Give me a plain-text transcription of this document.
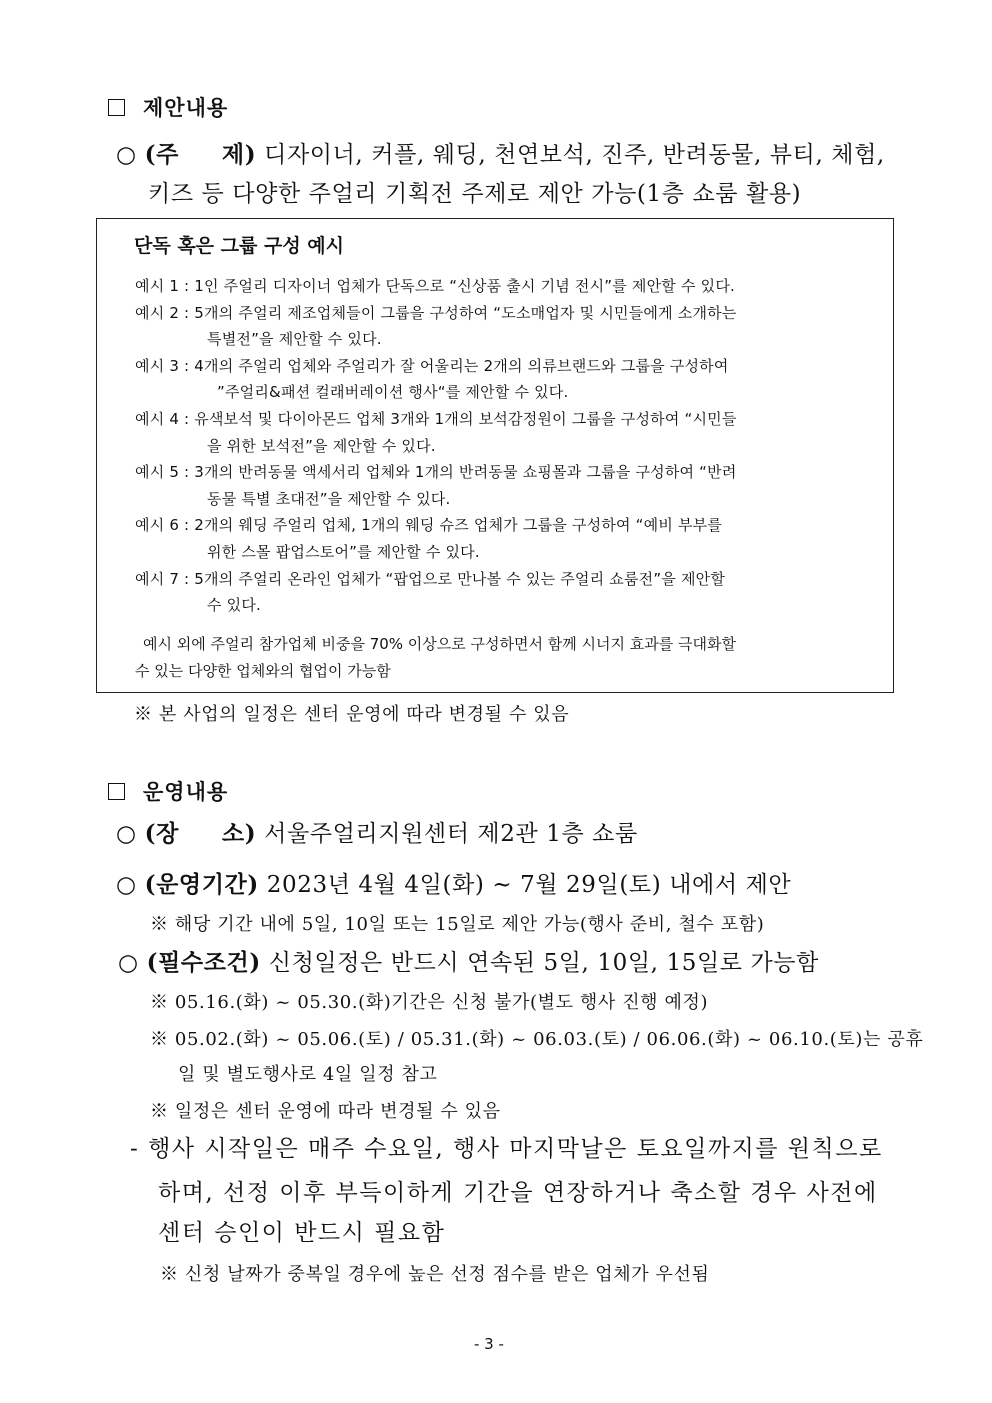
제안내용
○ (주     제) 디자이너, 커플, 웨딩, 천연보석, 진주, 반려동물, 뷰티, 체험,
키즈 등 다양한 주얼리 기획전 주제로 제안 가능(1층 쇼룸 활용)
단독 혹은 그룹 구성 예시
예시 1 : 1인 주얼리 디자이너 업체가 단독으로 “신상품 출시 기념 전시”를 제안할 수 있다.
예시 2 : 5개의 주얼리 제조업체들이 그룹을 구성하여 “도소매업자 및 시민들에게 소개하는
특별전”을 제안할 수 있다.
예시 3 : 4개의 주얼리 업체와 주얼리가 잘 어울리는 2개의 의류브랜드와 그룹을 구성하여
”주얼리&패션 컬래버레이션 행사“를 제안할 수 있다.
예시 4 : 유색보석 및 다이아몬드 업체 3개와 1개의 보석감정원이 그룹을 구성하여 “시민들
을 위한 보석전”을 제안할 수 있다.
예시 5 : 3개의 반려동물 액세서리 업체와 1개의 반려동물 쇼핑몰과 그룹을 구성하여 “반려
동물 특별 초대전”을 제안할 수 있다.
예시 6 : 2개의 웨딩 주얼리 업체, 1개의 웨딩 슈즈 업체가 그룹을 구성하여 “예비 부부를
위한 스몰 팝업스토어”를 제안할 수 있다.
예시 7 : 5개의 주얼리 온라인 업체가 “팝업으로 만나볼 수 있는 주얼리 쇼룸전”을 제안할
수 있다.
예시 외에 주얼리 참가업체 비중을 70% 이상으로 구성하면서 함께 시너지 효과를 극대화할
수 있는 다양한 업체와의 협업이 가능함
※ 본 사업의 일정은 센터 운영에 따라 변경될 수 있음
운영내용
○ (장     소) 서울주얼리지원센터 제2관 1층 쇼룸
○ (운영기간) 2023년 4월 4일(화) ~ 7월 29일(토) 내에서 제안
※ 해당 기간 내에 5일, 10일 또는 15일로 제안 가능(행사 준비, 철수 포함)
○ (필수조건) 신청일정은 반드시 연속된 5일, 10일, 15일로 가능함
※ 05.16.(화) ~ 05.30.(화)기간은 신청 불가(별도 행사 진행 예정)
※ 05.02.(화) ~ 05.06.(토) / 05.31.(화) ~ 06.03.(토) / 06.06.(화) ~ 06.10.(토)는 공휴
일 및 별도행사로 4일 일정 참고
※ 일정은 센터 운영에 따라 변경될 수 있음
- 행사 시작일은 매주 수요일, 행사 마지막날은 토요일까지를 원칙으로
하며, 선정 이후 부득이하게 기간을 연장하거나 축소할 경우 사전에
센터 승인이 반드시 필요함
※ 신청 날짜가 중복일 경우에 높은 선정 점수를 받은 업체가 우선됨
- 3 -
